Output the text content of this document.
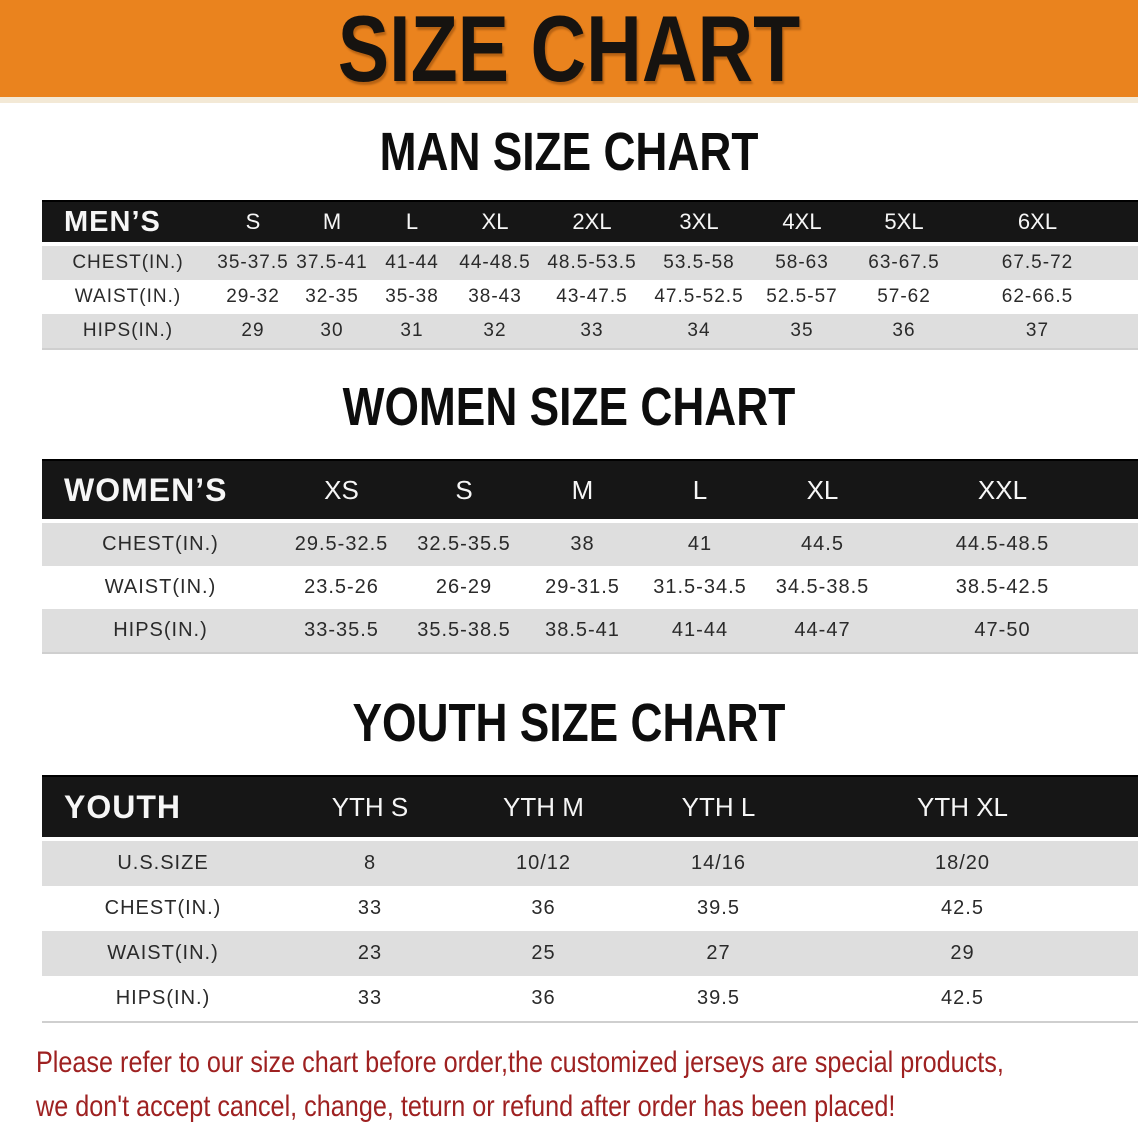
SIZE CHART
MAN SIZE CHART
MEN’S	S	M	L	XL	2XL	3XL	4XL	5XL	6XL
CHEST(IN.)	35-37.5	37.5-41	41-44	44-48.5	48.5-53.5	53.5-58	58-63	63-67.5	67.5-72
WAIST(IN.)	29-32	32-35	35-38	38-43	43-47.5	47.5-52.5	52.5-57	57-62	62-66.5
HIPS(IN.)	29	30	31	32	33	34	35	36	37
WOMEN SIZE CHART
WOMEN’S	XS	S	M	L	XL	XXL
CHEST(IN.)	29.5-32.5	32.5-35.5	38	41	44.5	44.5-48.5
WAIST(IN.)	23.5-26	26-29	29-31.5	31.5-34.5	34.5-38.5	38.5-42.5
HIPS(IN.)	33-35.5	35.5-38.5	38.5-41	41-44	44-47	47-50
YOUTH SIZE CHART
YOUTH	YTH S	YTH M	YTH L	YTH XL
U.S.SIZE	8	10/12	14/16	18/20
CHEST(IN.)	33	36	39.5	42.5
WAIST(IN.)	23	25	27	29
HIPS(IN.)	33	36	39.5	42.5

Please refer to our size chart before order,the customized jerseys are special products,

we don't accept cancel, change, teturn or refund after order has been placed!
